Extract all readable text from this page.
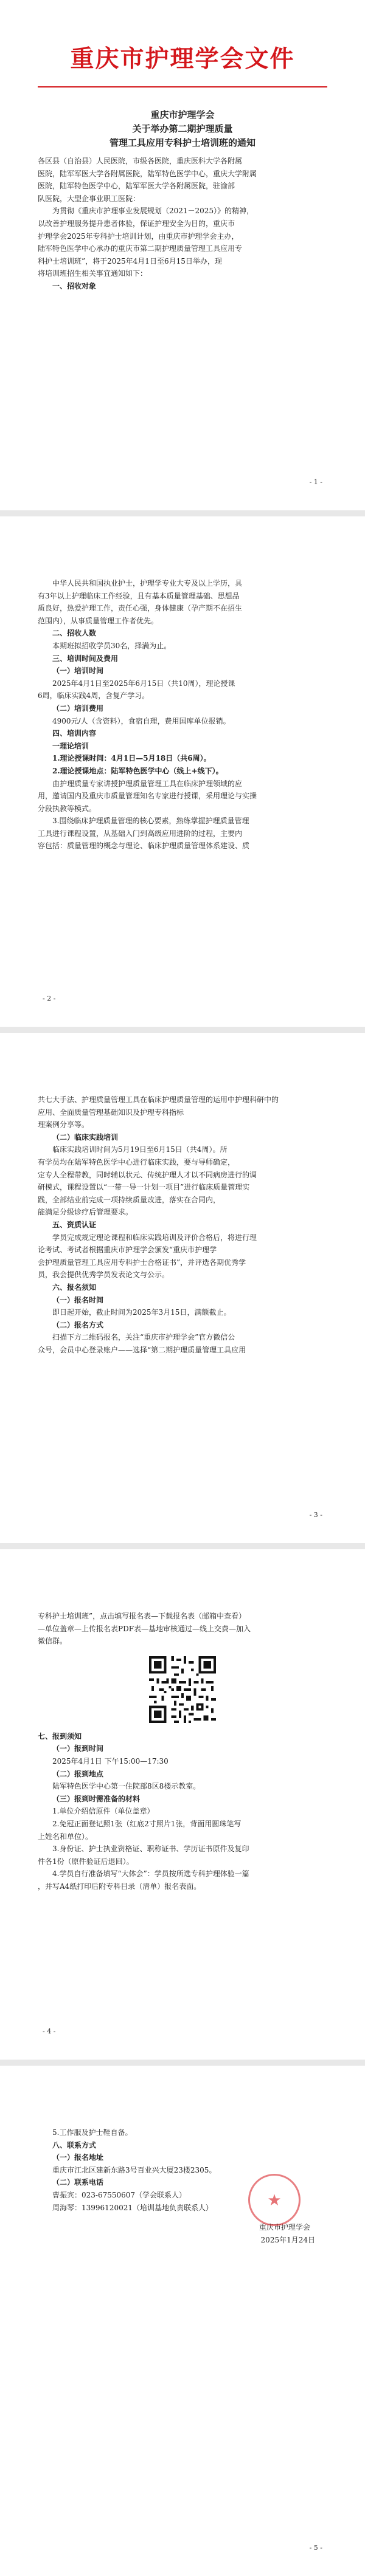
重庆市护理学会文件
重庆市护理学会
关于举办第二期护理质量
管理工具应用专科护士培训班的通知

各区县（自治县）人民医院，市级各医院，重庆医科大学各附属

医院，陆军军医大学各附属医院，陆军特色医学中心，重庆大学附属

医院，陆军特色医学中心，陆军军医大学各附属医院，驻渝部

队医院，大型企事业职工医院：

为贯彻《重庆市护理事业发展规划（2021－2025）》的精神，

以改善护理服务提升患者体验，保证护理安全为目的，重庆市

护理学会2025年专科护士培训计划，由重庆市护理学会主办，

陆军特色医学中心承办的重庆市第二期护理质量管理工具应用专

科护士培训班”，将于2025年4月1日至6月15日举办，现

将培训班招生相关事宜通知如下：

一、招收对象

- 1 -

中华人民共和国执业护士，护理学专业大专及以上学历，具

有3年以上护理临床工作经验，且有基本质量管理基础、思想品

质良好，热爱护理工作，责任心强，身体健康（孕产期不在招生

范围内），从事质量管理工作者优先。

二、招收人数

本期班拟招收学员30名，择满为止。

三、培训时间及费用

（一）培训时间

2025年4月1日至2025年6月15日（共10周），理论授课

6周，临床实践4周，含复产学习。

（二）培训费用

4900元/人（含资料），食宿自理，费用国库单位报销。

四、培训内容

一理论培训

1.理论授课时间：4月1日—5月18日（共6周）。

2.理论授课地点：陆军特色医学中心（线上+线下）。

由护理质量专家讲授护理质量管理工具在临床护理领域的应

用，邀请国内及重庆市质量管理知名专家进行授课，采用理论与实操

分段执教等模式。

3.围绕临床护理质量管理的核心要素，熟练掌握护理质量管理

工具进行课程设置，从基础入门到高级应用进阶的过程，主要内

容包括：质量管理的概念与理论、临床护理质量管理体系建设、质

- 2 -

共七大手法、护理质量管理工具在临床护理质量管理的运用中护理科研中的

应用、全面质量管理基础知识及护理专科指标

理案例分享等。

（二）临床实践培训

临床实践培训时间为5月19日至6月15日（共4周）。所

有学员均在陆军特色医学中心进行临床实践，要与导师确定，

定专人全程带教，同时辅以状元、传统护理人才以不同病房进行的调

研模式，课程设置以“一带一导一计划一项目”进行临床质量管理实

践，全部结业前完成一项持续质量改进，落实在合同内，

能满足分级诊疗后管理要求。

五、资质认证

学员完成规定理论课程和临床实践培训及评价合格后，将进行理

论考试、考试者根据重庆市护理学会颁发“重庆市护理学

会护理质量管理工具应用专科护士合格证书”，并评选各期优秀学

员，我会提供优秀学员发表论文与公示。

六、报名须知

（一）报名时间

即日起开始，截止时间为2025年3月15日，满额截止。

（二）报名方式

扫描下方二维码报名，关注“重庆市护理学会”官方微信公

众号，会员中心登录账户——选择“第二期护理质量管理工具应用

- 3 -

专科护士培训班”，点击填写报名表—下载报名表（邮箱中查看）

—单位盖章—上传报名表PDF表—基地审核通过—线上交费—加入

微信群。

七、报到须知

（一）报到时间

2025年4月1日 下午15:00—17:30

（二）报到地点

陆军特色医学中心第一住院部8区8楼示教室。

（三）报到时需准备的材料

1.单位介绍信原件（单位盖章）

2.免冠正面登记照1张（红底2寸照片1张，背面用圆珠笔写

上姓名和单位）。

3.身份证、护士执业资格证、职称证书、学历证书原件及复印

件各1份（原件验证后退回）。

4.学员自行准备填写“大体会”：学员按所选专科护理体验一篇

，并写A4纸打印后附专科目录（清单）报名表面。

- 4 -

5.工作服及护士鞋自备。

八、联系方式

（一）报名地址

重庆市江北区建新东路3号百业兴大厦23楼2305。

（二）联系电话

曹振宾：023-67550607（学会联系人）

周海琴：13996120021（培训基地负责联系人）

重庆市护理学会
2025年1月24日
★
- 5 -
